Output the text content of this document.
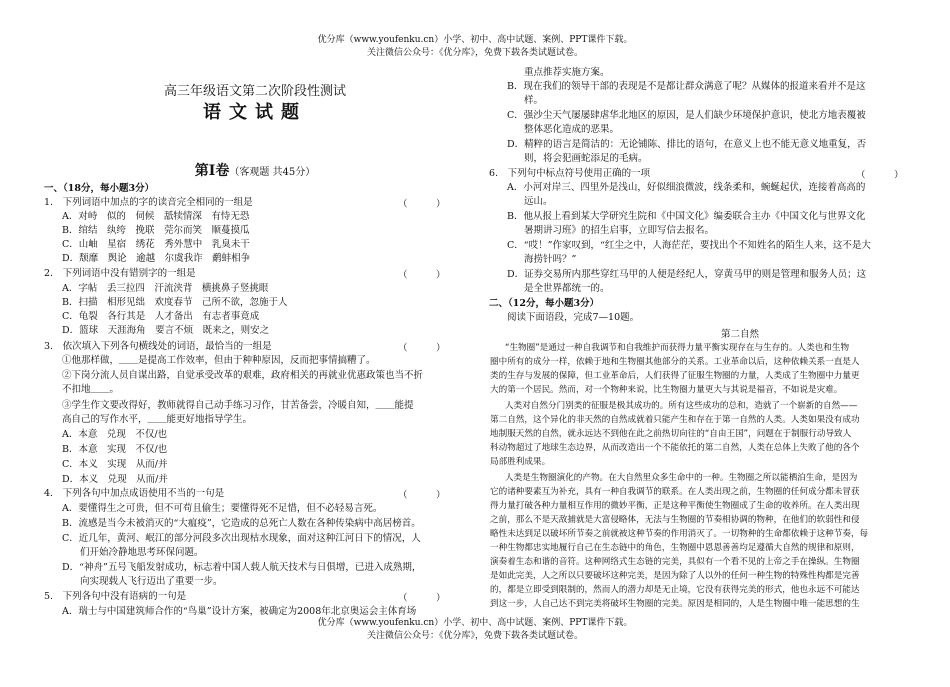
优分库（www.youfenku.cn）小学、初中、高中试题、案例、PPT课件下载。
关注微信公众号：《优分库》，免费下载各类试题试卷。
高三年级语文第二次阶段性测试
语文试题
第Ⅰ卷（客观题 共45分）
一、（18分，每小题3分）
1.　下列词语中加点的字的读音完全相同的一组是	（　　　）
A．对峙　似的　伺候　舐犊情深　有恃无恐
B．绾结　纨绔　挽联　莞尔而笑　顺蔓摸瓜
C．山岫　星宿　绣花　秀外慧中　乳臭未干
D．颓靡　舆论　逾越　尔虞我诈　鹬蚌相争
2.　下列词语中没有错别字的一组是	（　　　）
A．字帖　丢三拉四　汗流浃背　横挑鼻子竖挑眼
B．扫描　相形见绌　欢度春节　己所不欲，忽施于人
C．龟裂　各行其是　人才备出　有志者事竟成
D．篮球　天涯海角　要言不烦　既来之，则安之
3.　依次填入下列各句横线处的词语，最恰当的一组是	（　　　）
①他那样做，＿＿是提高工作效率，但由于种种原因，反而把事情搞糟了。
②下岗分流人员自谋出路，自觉承受改革的艰难，政府相关的再就业优惠政策也当不折
不扣地＿＿。
③学生作文要改得好，教师就得自己动手练习习作，甘苦备尝，冷暖自知，＿＿能提
高自己的写作水平，＿＿能更好地指导学生。
A．本意　兑现　不仅/也
B．本意　实现　不仅/也
C．本义　实现　从而/并
D．本义　兑现　从而/并
4.　下列各句中加点成语使用不当的一句是	（　　　）
A．要懂得生之可贵，但不可苟且偷生；要懂得死不足惜，但不必轻易言死。
B．流感是当今未被消灭的“大瘟疫”，它造成的总死亡人数在各种传染病中高居榜首。
C．近几年，黄河、岷江的部分河段多次出现枯水现象，面对这种江河日下的情况，人
们开始冷静地思考环保问题。
D．“神舟”五号飞船发射成功，标志着中国人载人航天技术与日俱增，已进入成熟期，
向实现载人飞行迈出了重要一步。
5.　下列各句中没有语病的一句是	（　　　）
A．瑞士与中国建筑师合作的“鸟巢”设计方案，被确定为2008年北京奥运会主体育场
重点推荐实施方案。
B．现在我们的领导干部的表现是不是都让群众满意了呢？从媒体的报道来看并不是这
样。
C．强沙尘天气屡屡肆虐华北地区的原因，是人们缺少环境保护意识，使北方地表覆被
整体恶化造成的恶果。
D．精粹的语言是简洁的：无论铺陈、排比的语句，在意义上也不能无意义地重复，否
则，将会犯画蛇添足的毛病。
6.　下列句中标点符号使用正确的一项	（　　　）
A．小河对岸三、四里外是浅山，好似细浪微波，线条柔和，蜿蜒起伏，连接着高高的
远山。
B．他从报上看到某大学研究生院和《中国文化》编委联合主办《中国文化与世界文化
暑期讲习班》的招生启事，立即写信去报名。
C．“哎！”作家叹到，“红尘之中，人海茫茫，要找出个不知姓名的陌生人来，这不是大
海捞针吗？”
D．证券交易所内那些穿红马甲的人便是经纪人，穿黄马甲的则是管理和服务人员；这
是全世界都统一的。
二、（12分，每小题3分）
阅读下面语段，完成7—10题。
第二自然
“生物圈”是通过一种自我调节和自我维护而获得力量平衡实现存在与生存的。人类也和生物
圈中所有的成分一样，依赖于地和生物圈其他部分的关系。工业革命以后，这种依赖关系一直是人
类的生存与发展的保障，但工业革命后，人们获得了征服生物圈的力量，人类成了生物圈中力量更
大的第一个居民。然而，对一个物种来说，比生物圈力量更大与其说是福音，不如说是灾难。
人类对自然分门别类的征服是极其成功的。所有这些成功的总和，造就了一个崭新的自然——
第二自然，这个异化的非天然的自然成就着只能产生和存在于第一自然的人类。人类如果没有成功
地制服天然的自然，就永远达不到他在此之前热切向往的“自由王国”，问题在于制服行动导致人
科动物超过了地球生态边界，从而改造出一个不能依托的第二自然，人类在总体上失败了他的各个
局部胜利成果。
人类是生物圈演化的产物。在大自然里众多生命中的一种。生物圈之所以能栖泊生命，是因为
它的诸种要素互为补充，具有一种自我调节的联系。在人类出现之前，生物圈的任何成分都未冒获
得力量打破各种力量相互作用的微妙平衡，正是这种平衡使生物圈成了生命的收养所。在人类出现
之前，那么不是天敌捕就是大富侵略体，无法与生物圈的节奏相协调的物种，在他们的软弱性和侵
略性未达到足以破坏所节奏之前就被这种节奏的作用消灭了。一切物种的生命都依赖于这种节奏，每
一种生物都忠实地履行自己在生态链中的角色，生物圈中恩恩善善均足遵循大自然的规律和原则，
演奏着生态和谐的音符。这种网络式生态链的完美，具似有一个看不见的上帝之手在操纵。生物圈
是如此完美，人之所以只要破坏这种完美，是因为除了人以外的任何一种生物的特殊性构都是完善
的，都是立即受到限制的，然而人的潜力却是无止境，它没有获得完美的形式，他也永远不可能达
到这一步，人自己达不到完美将破坏生物圈的完美。原因是相同的，人是生物圈中唯一能思想的生
优分库（www.youfenku.cn）小学、初中、高中试题、案例、PPT课件下载。
关注微信公众号：《优分库》，免费下载各类试题试卷。
